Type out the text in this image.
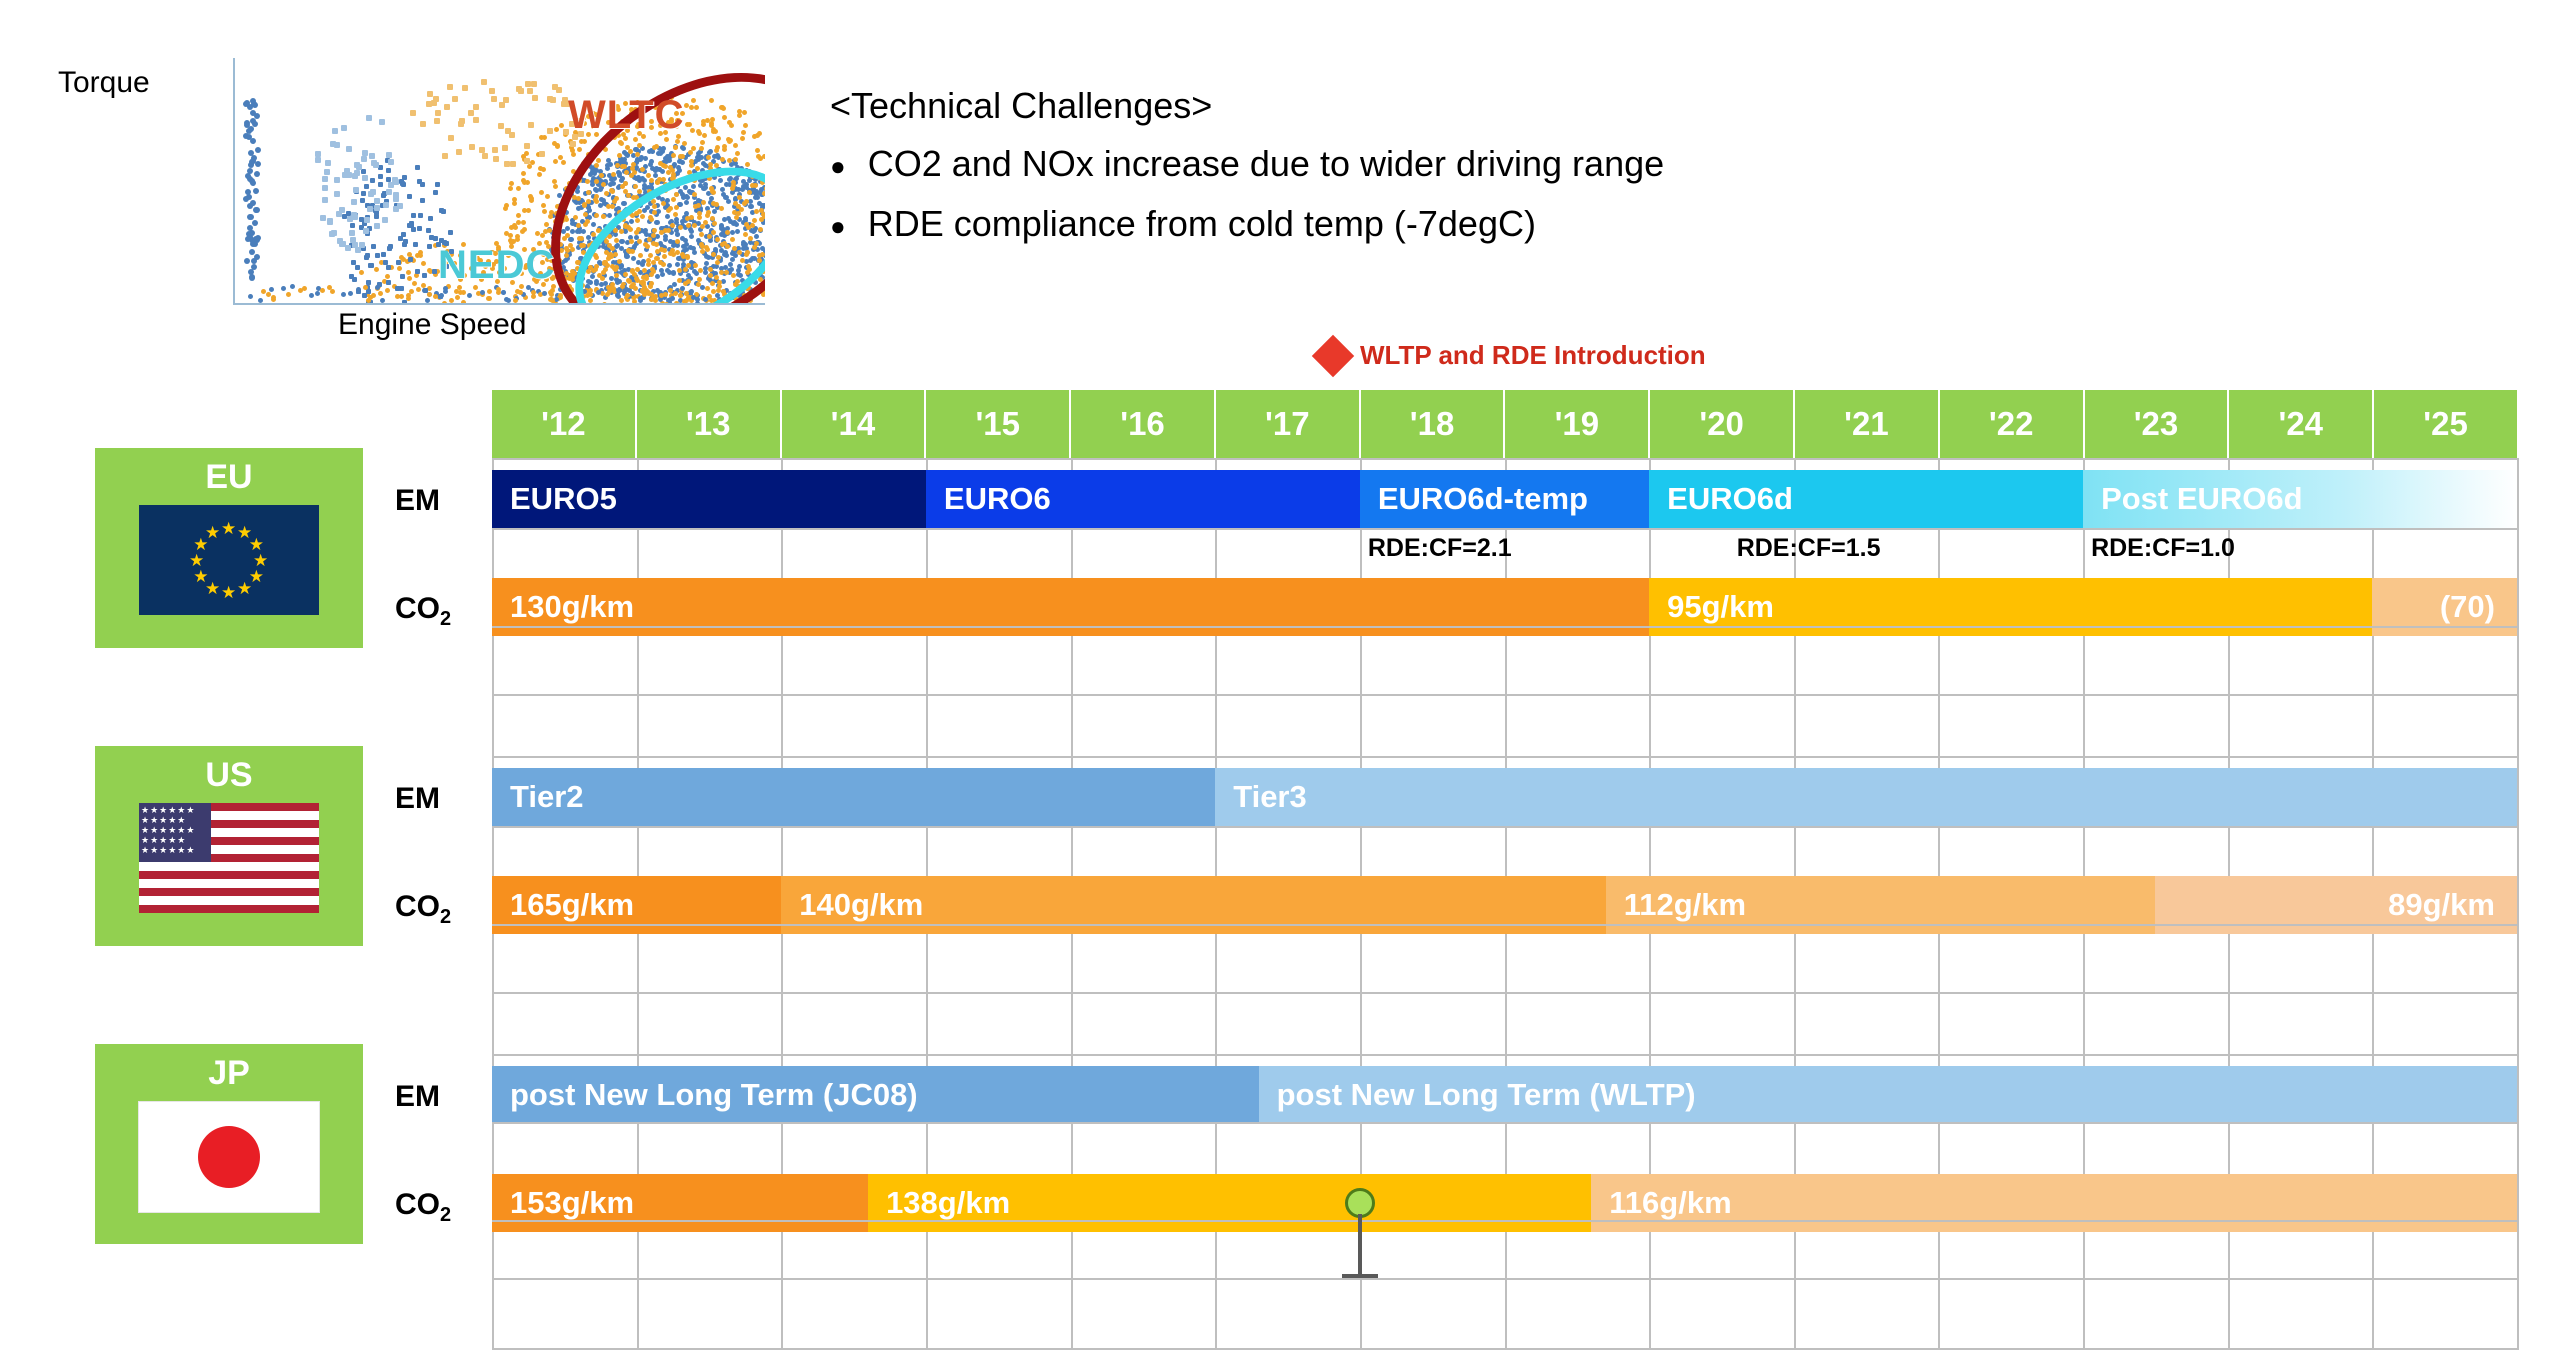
Torque
Engine Speed
WLTC
NEDC
<Technical Challenges>
● CO2 and NOx increase due to wider driving range
● RDE compliance from cold temp (-7degC)
WLTP and RDE Introduction
EU
★ ★
★
★
★
★
★
★
★
★
★
★
US
★★★★★★ ★★★★★ ★★★★★★ ★★★★★ ★★★★★★
JP
EM
$CO_2$
EM
$CO_2$
EM
$CO_2$
'12	'13	'14	'15	'16	'17	'18	'19	'20	'21	'22	'23	'24	'25
EURO5	EURO6	EURO6d-temp	EURO6d	Post EURO6d
RDE:CF=2.1	RDE:CF=1.5	RDE:CF=1.0
130g/km	95g/km	(70)
Tier2	Tier3
165g/km	140g/km	112g/km	89g/km
post New Long Term (JC08)	post New Long Term (WLTP)
153g/km	138g/km	116g/km
